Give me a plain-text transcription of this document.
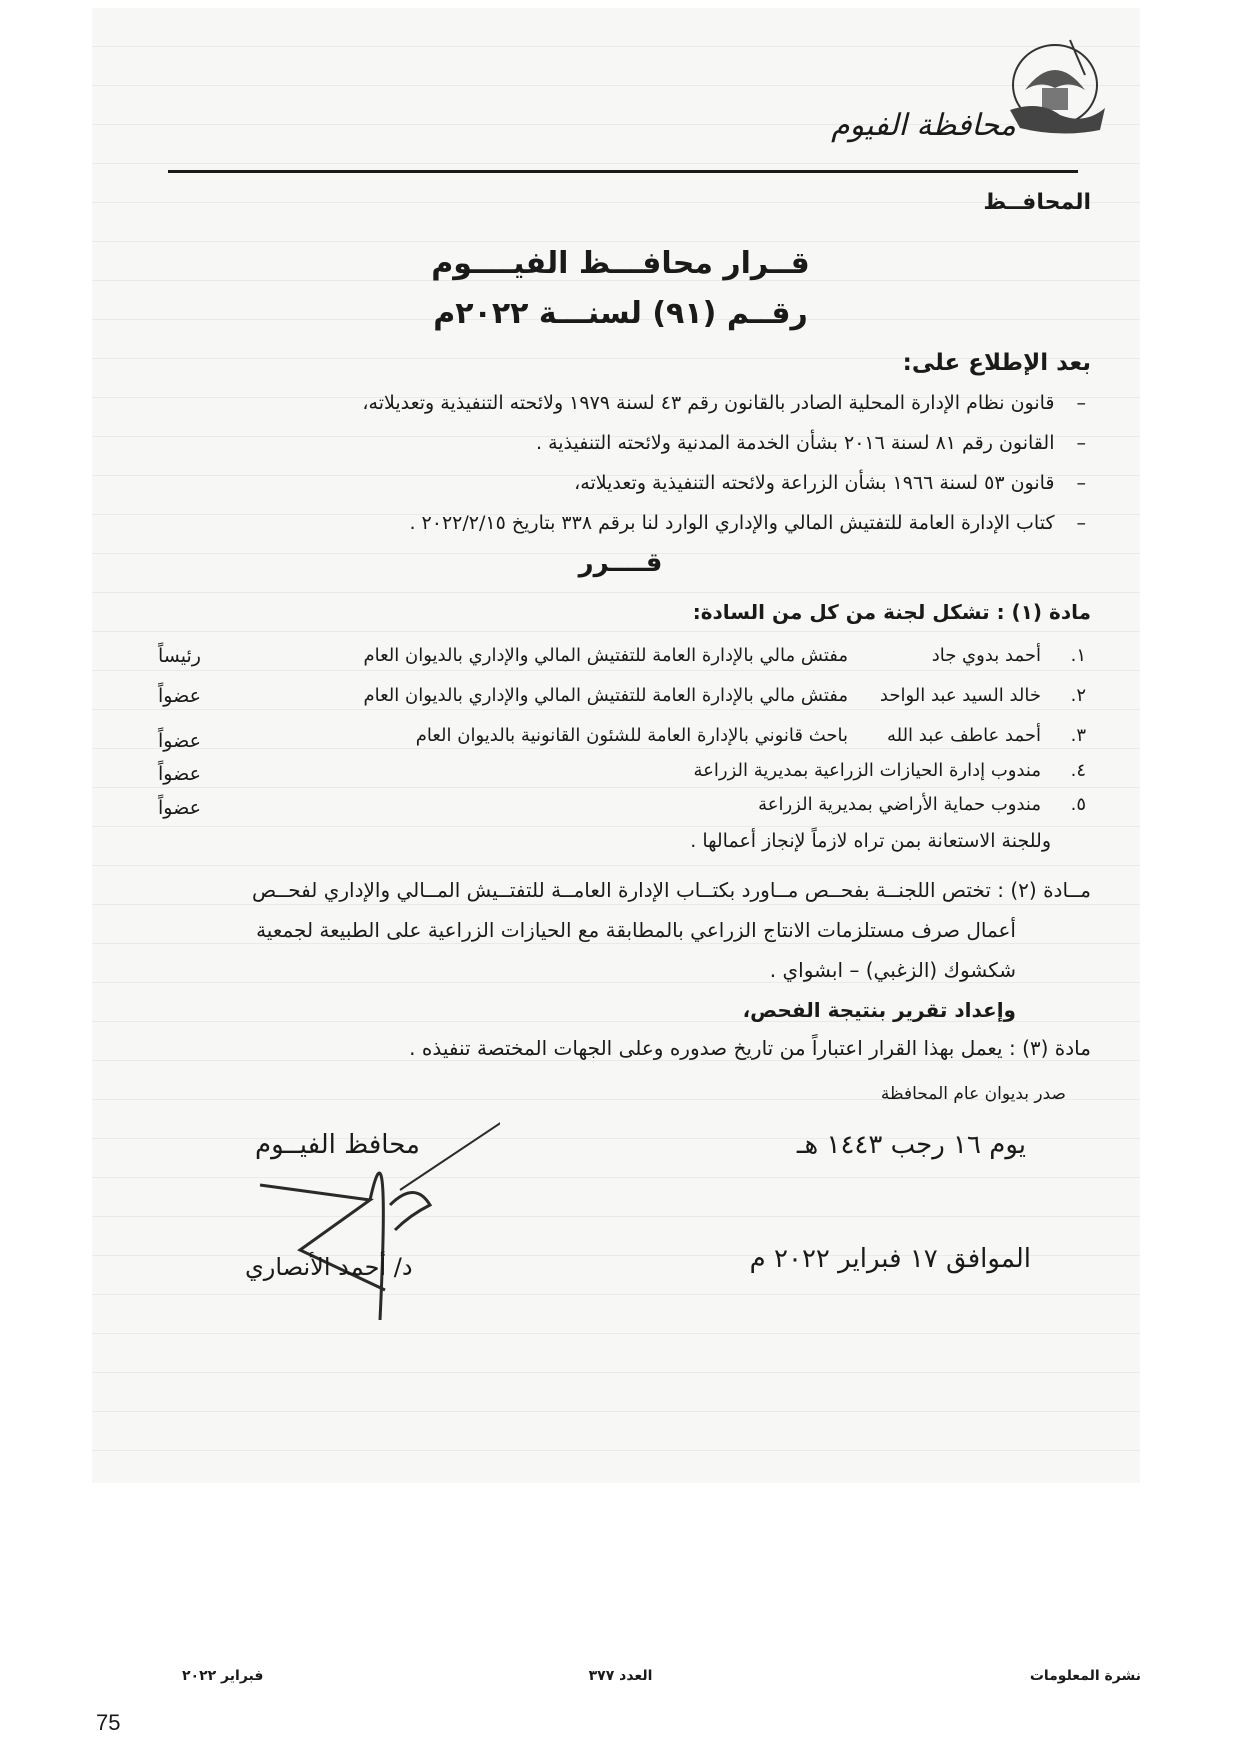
محافظة الفيوم
المحافــظ
قــرار محافـــظ الفيــــوم
رقــم (٩١) لسنـــة ٢٠٢٢م
بعد الإطلاع على:
–قانون نظام الإدارة المحلية الصادر بالقانون رقم ٤٣ لسنة ١٩٧٩ ولائحته التنفيذية وتعديلاته،
–القانون رقم ٨١ لسنة ٢٠١٦ بشأن الخدمة المدنية ولائحته التنفيذية .
–قانون ٥٣ لسنة ١٩٦٦ بشأن الزراعة ولائحته التنفيذية وتعديلاته،
–كتاب الإدارة العامة للتفتيش المالي والإداري الوارد لنا برقم ٣٣٨ بتاريخ ٢٠٢٢/٢/١٥ .
قــــرر
مادة (١) : تشكل لجنة من كل من السادة:
١.
أحمد بدوي جاد
مفتش مالي بالإدارة العامة للتفتيش المالي والإداري بالديوان العام
رئيساً
٢.
خالد السيد عبد الواحد
مفتش مالي بالإدارة العامة للتفتيش المالي والإداري بالديوان العام
عضواً
٣.
أحمد عاطف عبد الله
باحث قانوني بالإدارة العامة للشئون القانونية بالديوان العام
عضواً
٤.
مندوب إدارة الحيازات الزراعية بمديرية الزراعة
عضواً
٥.
مندوب حماية الأراضي بمديرية الزراعة
عضواً
وللجنة الاستعانة بمن تراه لازماً لإنجاز أعمالها .
مــادة (٢) : تختص اللجنــة بفحــص مــاورد بكتــاب الإدارة العامــة للتفتــيش المــالي والإداري لفحــص
أعمال صرف مستلزمات الانتاج الزراعي بالمطابقة مع الحيازات الزراعية على الطبيعة لجمعية
شكشوك (الزغبي) – ابشواي .
وإعداد تقرير بنتيجة الفحص،
مادة (٣) : يعمل بهذا القرار اعتباراً من تاريخ صدوره وعلى الجهات المختصة تنفيذه .
صدر بديوان عام المحافظة
يوم ١٦ رجب ١٤٤٣ هـ
الموافق ١٧ فبراير ٢٠٢٢ م
محافظ الفيــوم
د/ أحمد الأنصاري
فبراير ٢٠٢٢	العدد ٣٧٧	نشرة المعلومات
75
